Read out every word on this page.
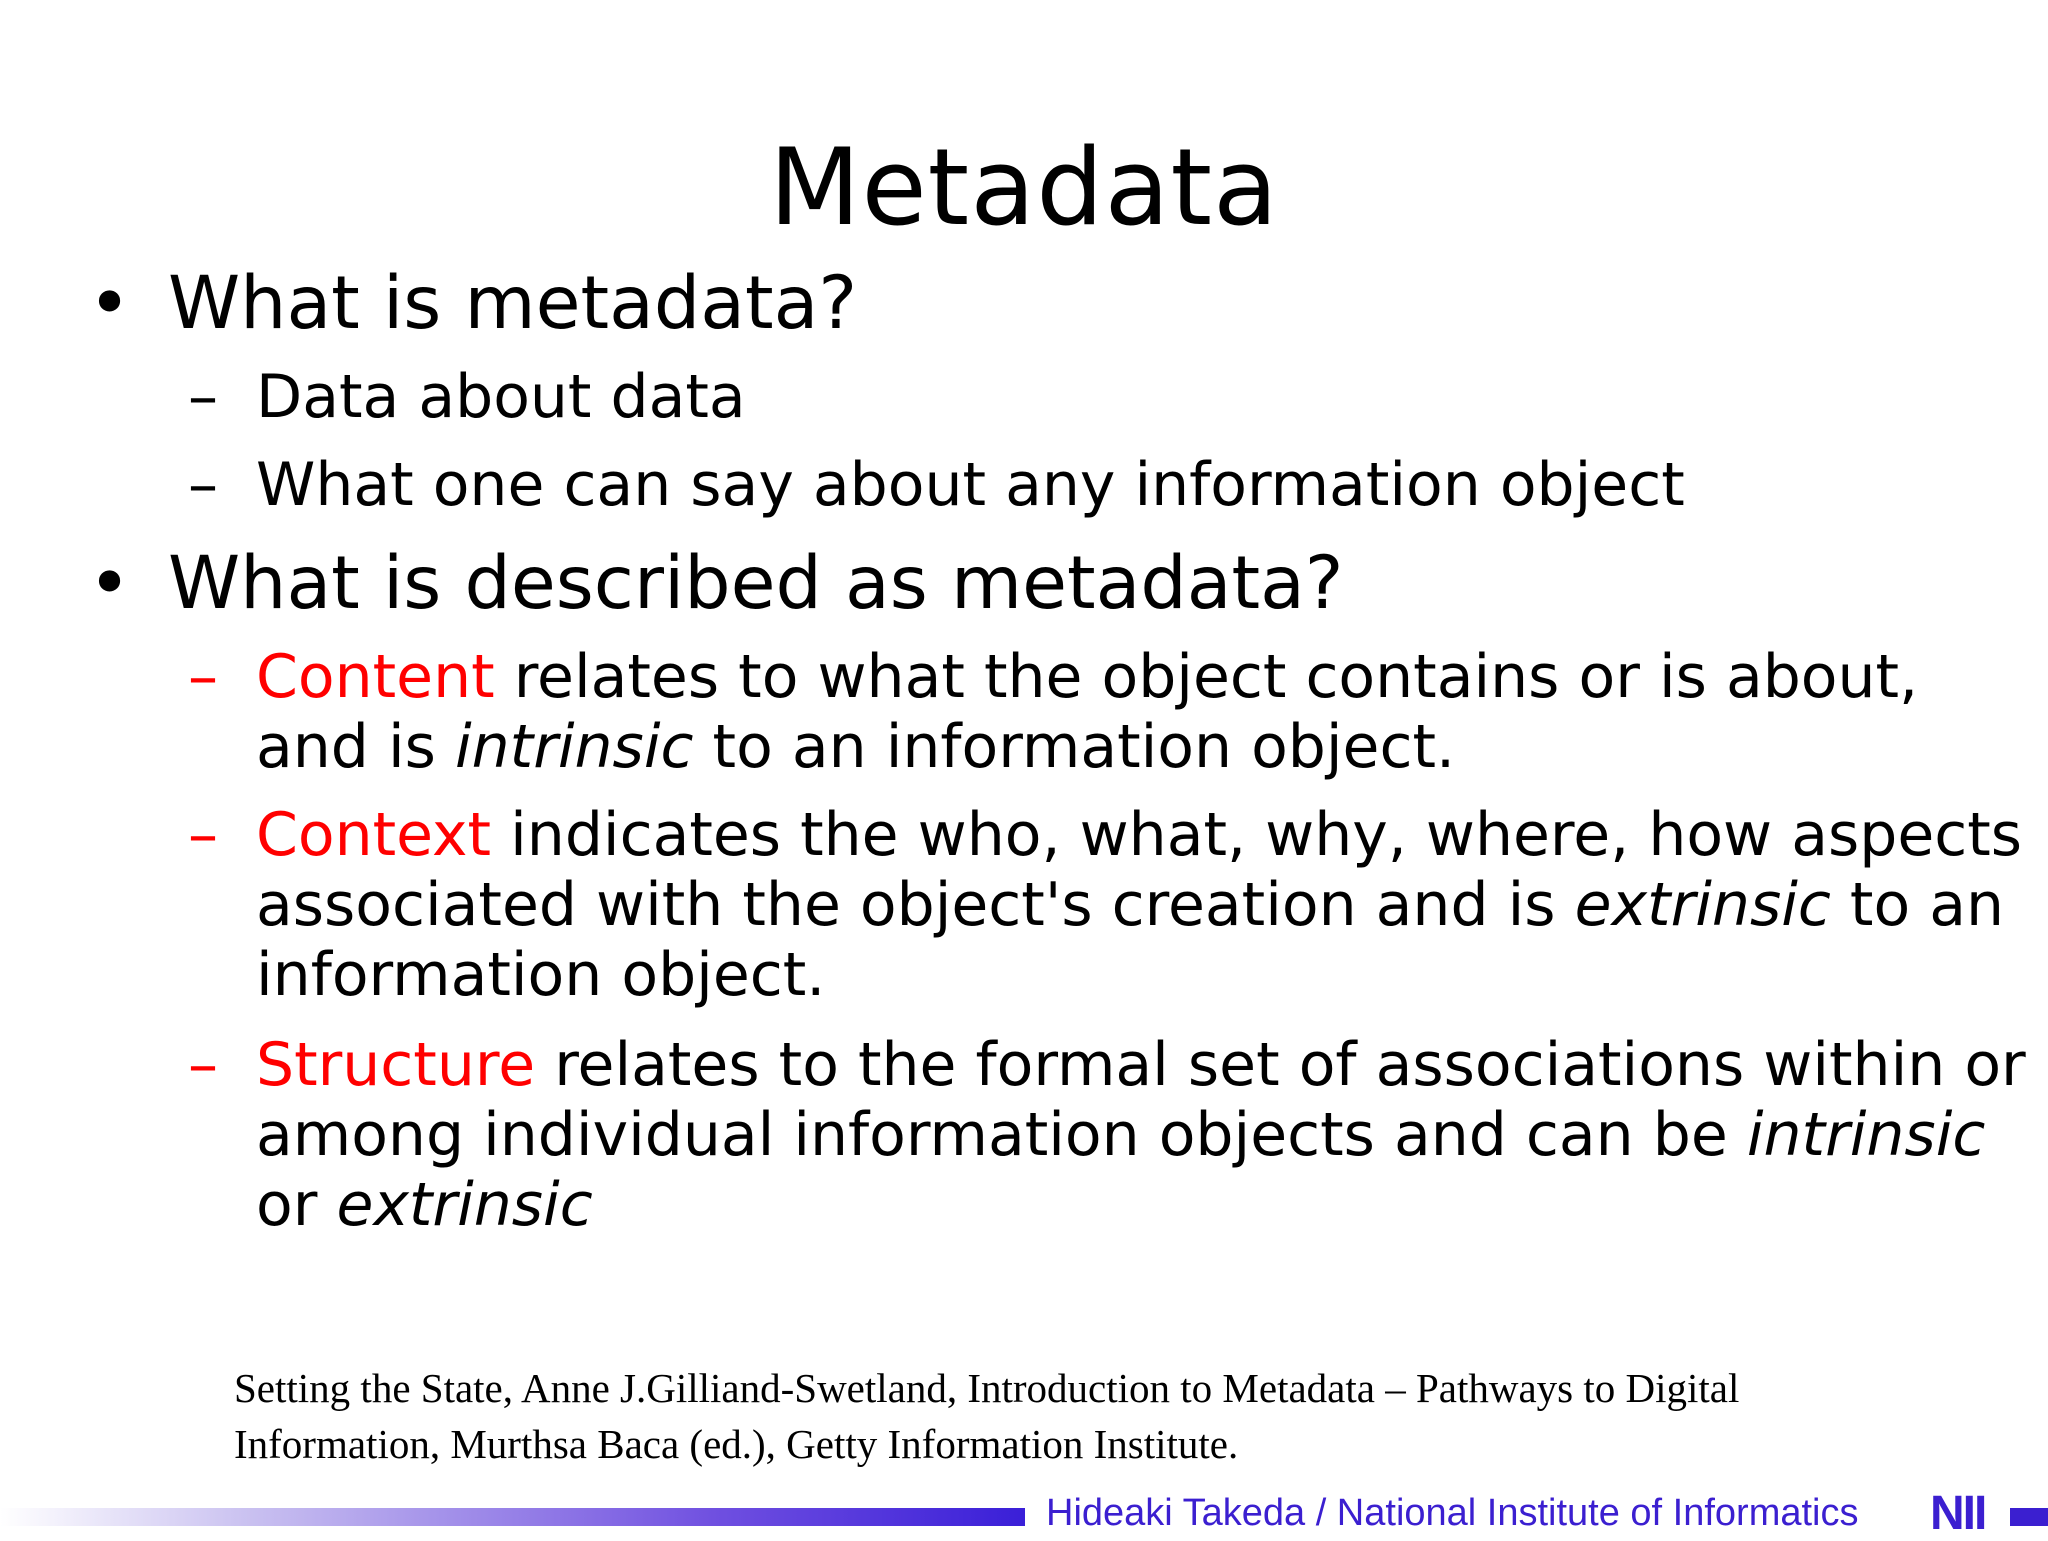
Metadata
• What is metadata?
– Data about data
– What one can say about any information object
• What is described as metadata?
– Content relates to what the object contains or is about, and is intrinsic to an information object.
– Context indicates the who, what, why, where, how aspects associated with the object's creation and is extrinsic to an information object.
– Structure relates to the formal set of associations within or among individual information objects and can be intrinsic or extrinsic
Setting the State, Anne J.Gilliand-Swetland, Introduction to Metadata – Pathways to Digital Information, Murthsa Baca (ed.), Getty Information Institute.
Hideaki Takeda / National Institute of Informatics NII
